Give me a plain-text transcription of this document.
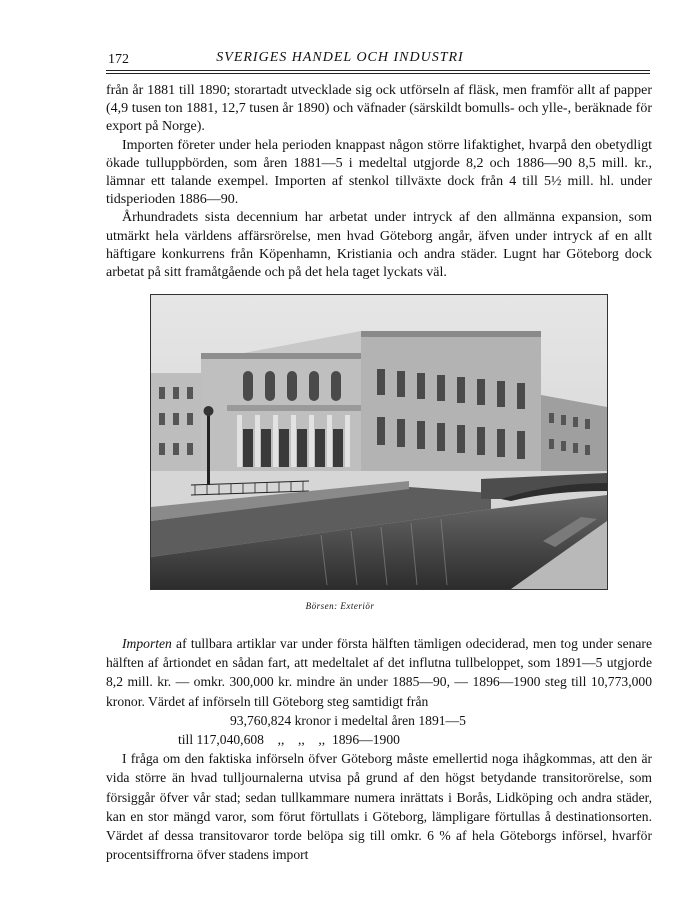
172	SVERIGES HANDEL OCH INDUSTRI

från år 1881 till 1890; storartadt utvecklade sig ock utförseln af fläsk, men framför allt af papper (4,9 tusen ton 1881, 12,7 tusen år 1890) och väfnader (särskildt bomulls- och ylle-, beräknade för export på Norge).

Importen företer under hela perioden knappast någon större lifaktighet, hvarpå den obetydligt ökade tulluppbörden, som åren 1881—5 i medeltal utgjorde 8,2 och 1886—90 8,5 mill. kr., lämnar ett talande exempel. Importen af stenkol tillväxte dock från 4 till 5½ mill. hl. under tidsperioden 1886—90.

Århundradets sista decennium har arbetat under intryck af den allmänna expansion, som utmärkt hela världens affärsrörelse, men hvad Göteborg angår, äfven under intryck af en allt häftigare konkurrens från Köpenhamn, Kristiania och andra städer. Lugnt har Göteborg dock arbetat på sitt framåtgående och på det hela taget lyckats väl.

Börsen: Exteriör

Importen af tullbara artiklar var under första hälften tämligen odeciderad, men tog under senare hälften af årtiondet en sådan fart, att medeltalet af det influtna tullbeloppet, som 1891—5 utgjorde 8,2 mill. kr. — omkr. 300,000 kr. mindre än under 1885—90, — 1896—1900 steg till 10,773,000 kronor. Värdet af införseln till Göteborg steg samtidigt från

93,760,824 kronor i medeltal åren 1891—5
till 117,040,608    ,,    ,,    ,,  1896—1900

I fråga om den faktiska införseln öfver Göteborg måste emellertid noga ihågkommas, att den är vida större än hvad tulljournalerna utvisa på grund af den högst betydande transitorörelse, som försiggår öfver vår stad; sedan tullkammare numera inrättats i Borås, Lidköping och andra städer, kan en stor mängd varor, som förut förtullats i Göteborg, lämpligare förtullas å destinationsorten. Värdet af dessa transitovaror torde belöpa sig till omkr. 6 % af hela Göteborgs införsel, hvarför procentsiffrorna öfver stadens import
